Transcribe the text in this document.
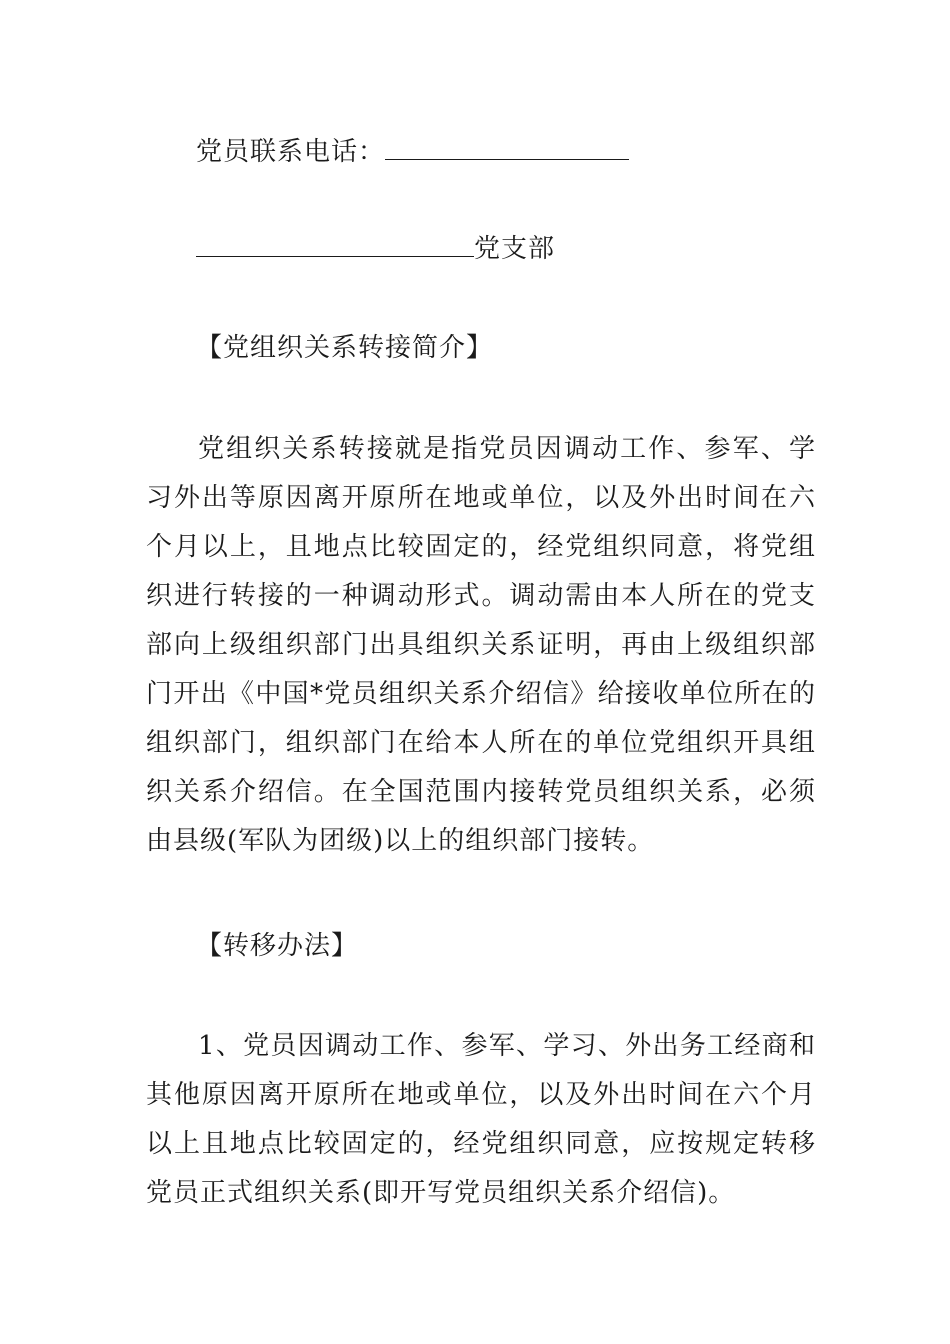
党员联系电话：
党支部
【党组织关系转接简介】
党组织关系转接就是指党员因调动工作、参军、学习外出等原因离开原所在地或单位，以及外出时间在六个月以上，且地点比较固定的，经党组织同意，将党组织进行转接的一种调动形式。调动需由本人所在的党支部向上级组织部门出具组织关系证明，再由上级组织部门开出《中国*党员组织关系介绍信》给接收单位所在的组织部门，组织部门在给本人所在的单位党组织开具组织关系介绍信。在全国范围内接转党员组织关系，必须由县级(军队为团级)以上的组织部门接转。
【转移办法】
1、党员因调动工作、参军、学习、外出务工经商和其他原因离开原所在地或单位，以及外出时间在六个月以上且地点比较固定的，经党组织同意，应按规定转移党员正式组织关系(即开写党员组织关系介绍信)。
